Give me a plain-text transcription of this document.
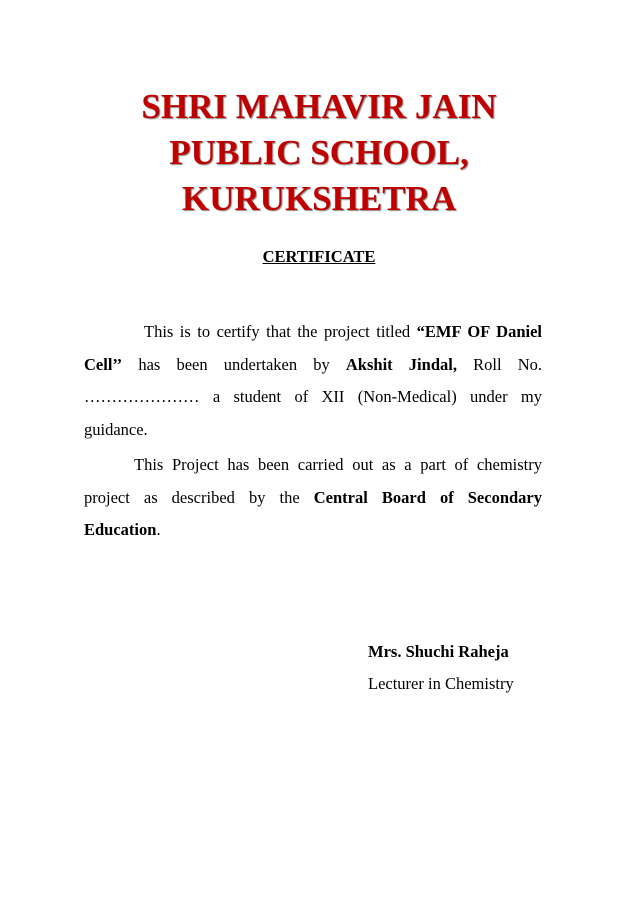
SHRI MAHAVIR JAIN
PUBLIC SCHOOL,
KURUKSHETRA
CERTIFICATE

This is to certify that the project titled “EMF OF Daniel Cell’’ has been undertaken by Akshit Jindal, Roll No. ………………… a student of XII (Non-Medical) under my guidance.

This Project has been carried out as a part of chemistry project as described by the Central Board of Secondary Education.

Mrs. Shuchi Raheja
Lecturer in Chemistry
